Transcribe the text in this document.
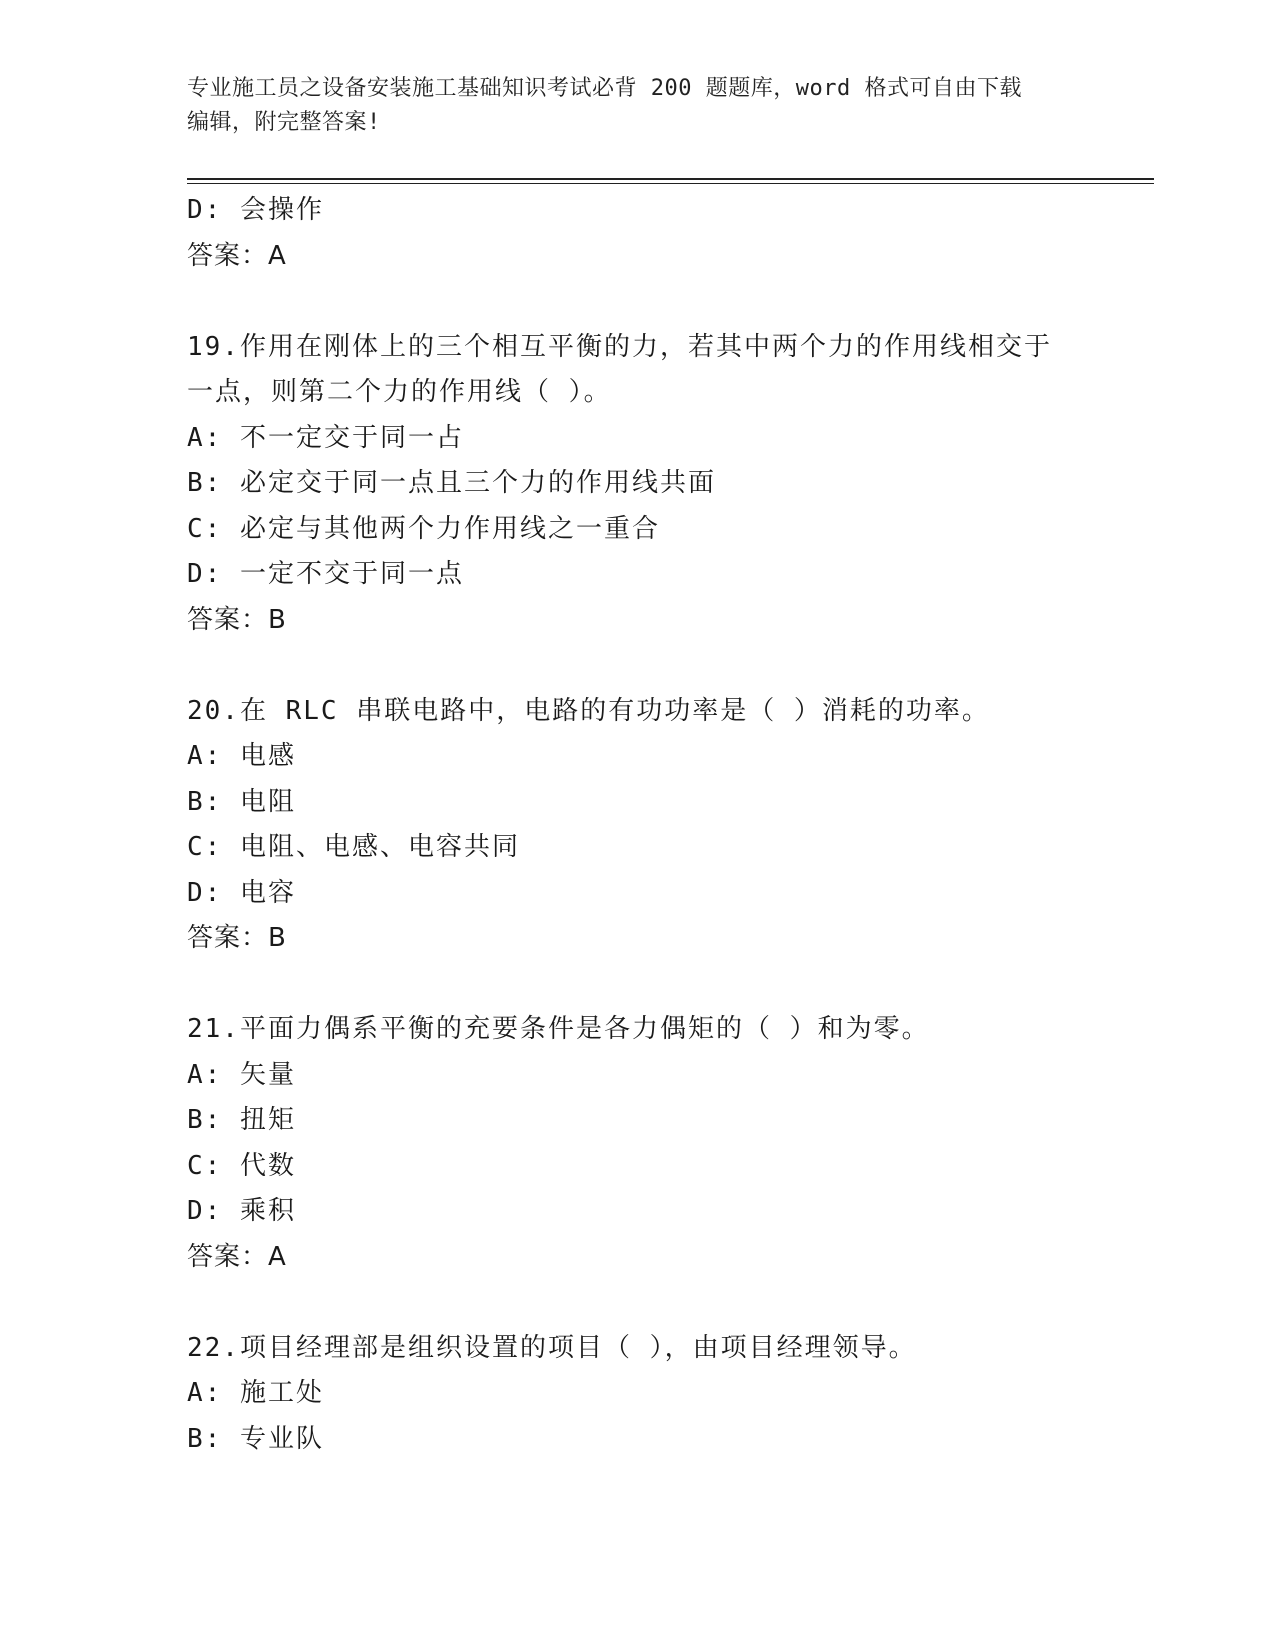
专业施工员之设备安装施工基础知识考试必背 200 题题库，word 格式可自由下载
编辑，附完整答案!
D: 会操作
答案：A
19.作用在刚体上的三个相互平衡的力，若其中两个力的作用线相交于
一点，则第二个力的作用线（ ）。
A: 不一定交于同一占
B: 必定交于同一点且三个力的作用线共面
C: 必定与其他两个力作用线之一重合
D: 一定不交于同一点
答案：B
20.在 RLC 串联电路中，电路的有功功率是（ ）消耗的功率。
A: 电感
B: 电阻
C: 电阻、电感、电容共同
D: 电容
答案：B
21.平面力偶系平衡的充要条件是各力偶矩的（ ）和为零。
A: 矢量
B: 扭矩
C: 代数
D: 乘积
答案：A
22.项目经理部是组织设置的项目（ ），由项目经理领导。
A: 施工处
B: 专业队
